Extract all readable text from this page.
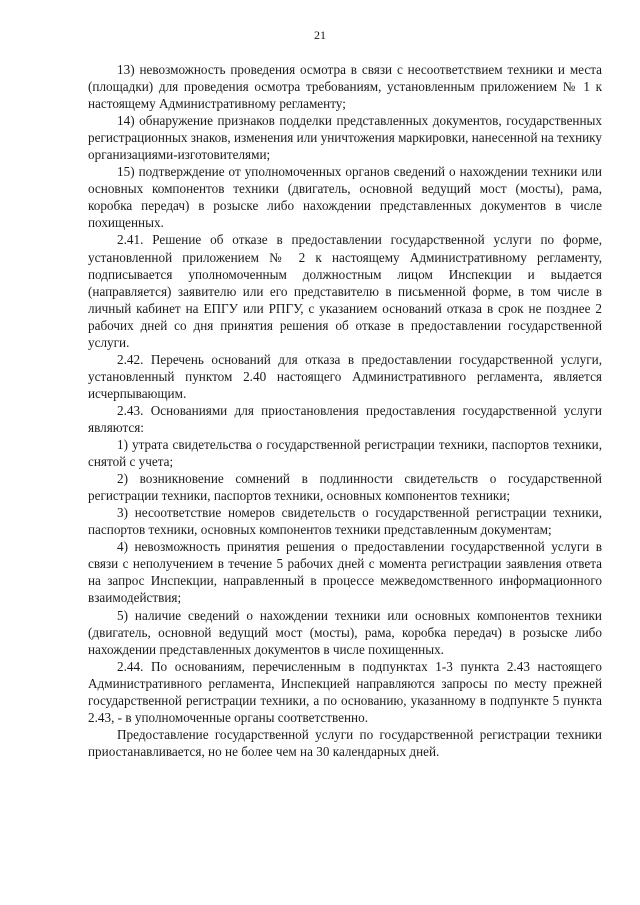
21

13) невозможность проведения осмотра в связи с несоответствием техники и места (площадки) для проведения осмотра требованиям, установленным приложением № 1 к настоящему Административному регламенту;

14) обнаружение признаков подделки представленных документов, государственных регистрационных знаков, изменения или уничтожения маркировки, нанесенной на технику организациями-изготовителями;

15) подтверждение от уполномоченных органов сведений о нахождении техники или основных компонентов техники (двигатель, основной ведущий мост (мосты), рама, коробка передач) в розыске либо нахождении представленных документов в числе похищенных.

2.41. Решение об отказе в предоставлении государственной услуги по форме, установленной приложением № 2 к настоящему Административному регламенту, подписывается уполномоченным должностным лицом Инспекции и выдается (направляется) заявителю или его представителю в письменной форме, в том числе в личный кабинет на ЕПГУ или РПГУ, с указанием оснований отказа в срок не позднее 2 рабочих дней со дня принятия решения об отказе в предоставлении государственной услуги.

2.42. Перечень оснований для отказа в предоставлении государственной услуги, установленный пунктом 2.40 настоящего Административного регламента, является исчерпывающим.

2.43. Основаниями для приостановления предоставления государственной услуги являются:

1) утрата свидетельства о государственной регистрации техники, паспортов техники, снятой с учета;

2) возникновение сомнений в подлинности свидетельств о государственной регистрации техники, паспортов техники, основных компонентов техники;

3) несоответствие номеров свидетельств о государственной регистрации техники, паспортов техники, основных компонентов техники представленным документам;

4) невозможность принятия решения о предоставлении государственной услуги в связи с неполучением в течение 5 рабочих дней с момента регистрации заявления ответа на запрос Инспекции, направленный в процессе межведомственного информационного взаимодействия;

5) наличие сведений о нахождении техники или основных компонентов техники (двигатель, основной ведущий мост (мосты), рама, коробка передач) в розыске либо нахождении представленных документов в числе похищенных.

2.44. По основаниям, перечисленным в подпунктах 1-3 пункта 2.43 настоящего Административного регламента, Инспекцией направляются запросы по месту прежней государственной регистрации техники, а по основанию, указанному в подпункте 5 пункта 2.43, - в уполномоченные органы соответственно.

Предоставление государственной услуги по государственной регистрации техники приостанавливается, но не более чем на 30 календарных дней.
